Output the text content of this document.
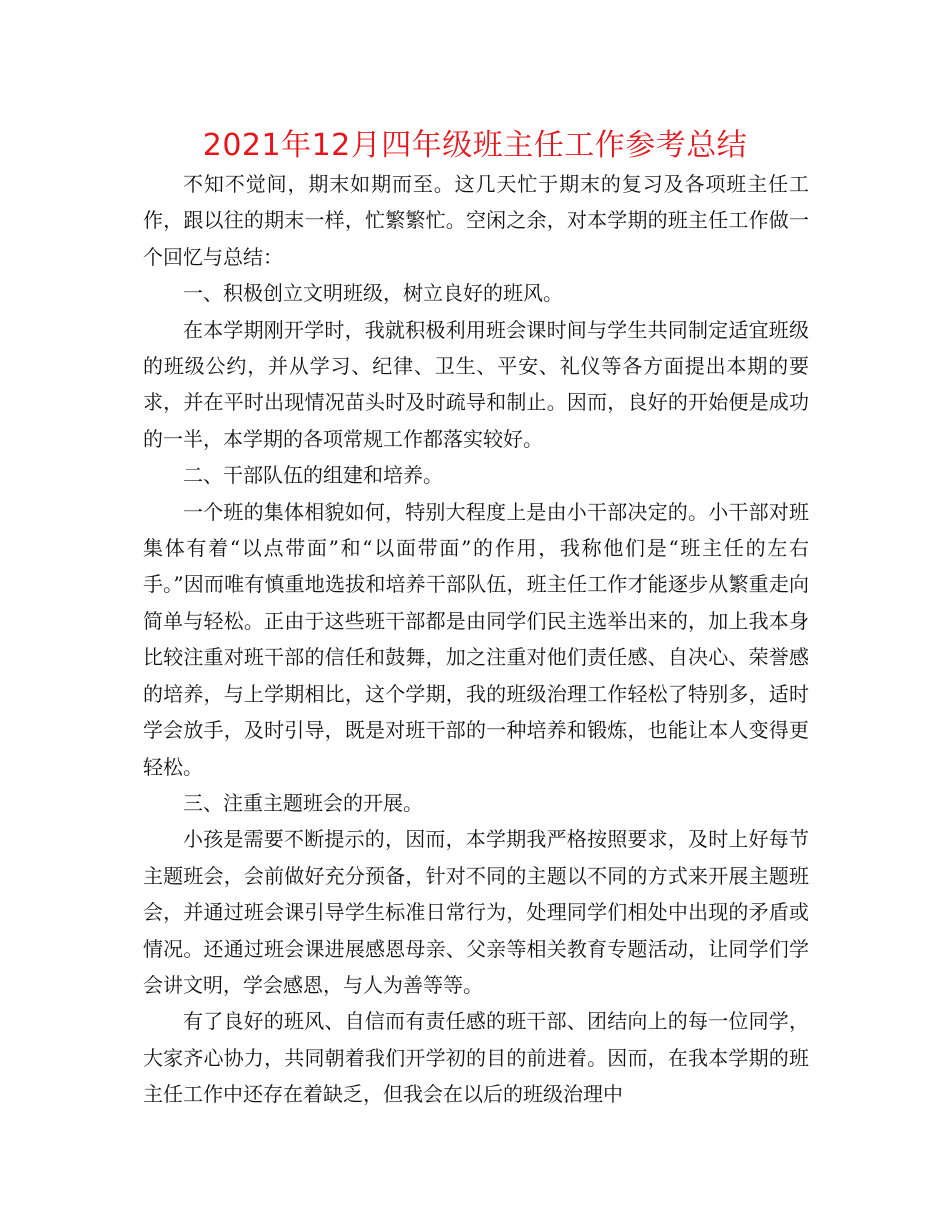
2021年12月四年级班主任工作参考总结

不知不觉间，期末如期而至。这几天忙于期末的复习及各项班主任工作，跟以往的期末一样，忙繁繁忙。空闲之余，对本学期的班主任工作做一个回忆与总结：

一、积极创立文明班级，树立良好的班风。

在本学期刚开学时，我就积极利用班会课时间与学生共同制定适宜班级的班级公约，并从学习、纪律、卫生、平安、礼仪等各方面提出本期的要求，并在平时出现情况苗头时及时疏导和制止。因而，良好的开始便是成功的一半，本学期的各项常规工作都落实较好。

二、干部队伍的组建和培养。

一个班的集体相貌如何，特别大程度上是由小干部决定的。小干部对班集体有着“以点带面”和“以面带面”的作用，我称他们是“班主任的左右手。”因而唯有慎重地选拔和培养干部队伍，班主任工作才能逐步从繁重走向简单与轻松。正由于这些班干部都是由同学们民主选举出来的，加上我本身比较注重对班干部的信任和鼓舞，加之注重对他们责任感、自决心、荣誉感的培养，与上学期相比，这个学期，我的班级治理工作轻松了特别多，适时学会放手，及时引导，既是对班干部的一种培养和锻炼，也能让本人变得更轻松。

三、注重主题班会的开展。

小孩是需要不断提示的，因而，本学期我严格按照要求，及时上好每节主题班会，会前做好充分预备，针对不同的主题以不同的方式来开展主题班会，并通过班会课引导学生标准日常行为，处理同学们相处中出现的矛盾或情况。还通过班会课进展感恩母亲、父亲等相关教育专题活动，让同学们学会讲文明，学会感恩，与人为善等等。

有了良好的班风、自信而有责任感的班干部、团结向上的每一位同学，大家齐心协力，共同朝着我们开学初的目的前进着。因而，在我本学期的班主任工作中还存在着缺乏，但我会在以后的班级治理中
